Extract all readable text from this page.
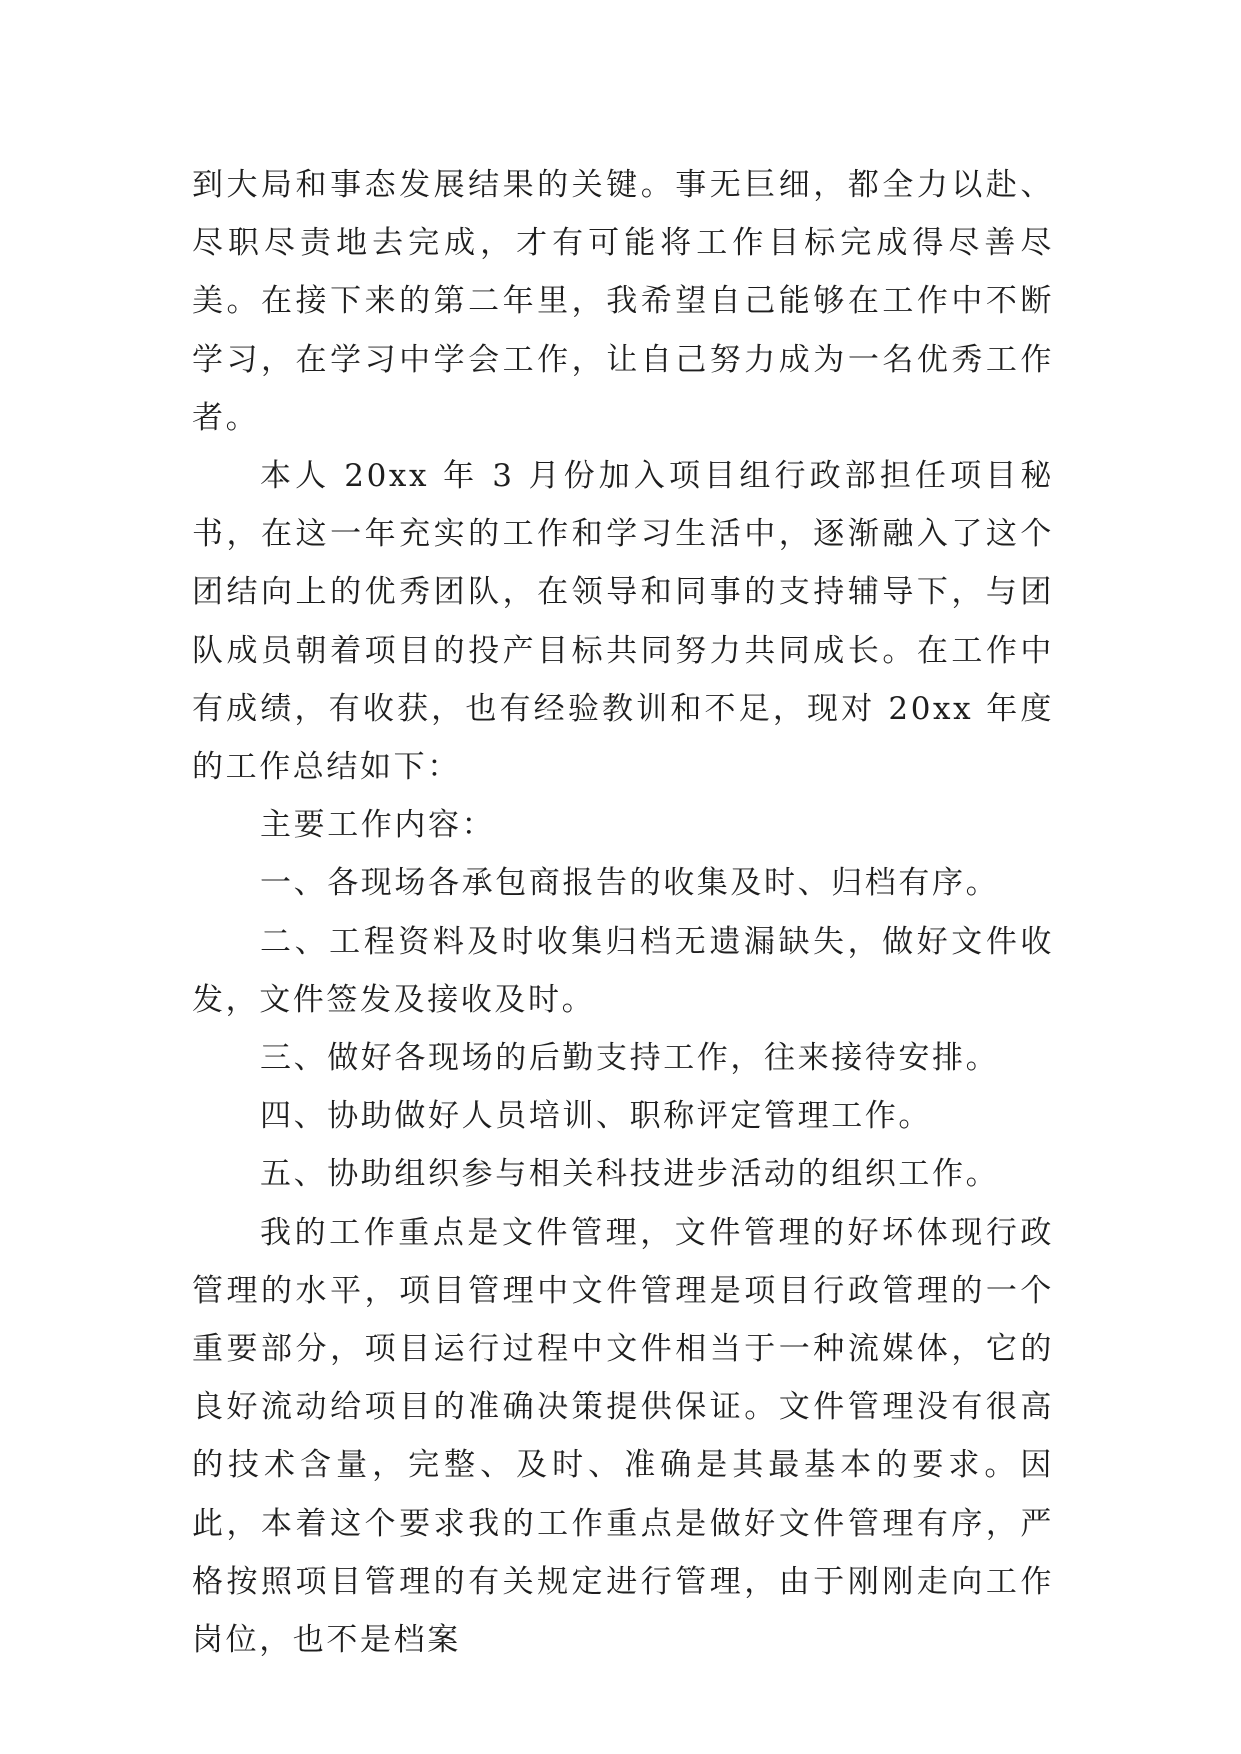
到大局和事态发展结果的关键。事无巨细，都全力以赴、尽职尽责地去完成，才有可能将工作目标完成得尽善尽美。在接下来的第二年里，我希望自己能够在工作中不断学习，在学习中学会工作，让自己努力成为一名优秀工作者。

本人 20xx 年 3 月份加入项目组行政部担任项目秘书，在这一年充实的工作和学习生活中，逐渐融入了这个团结向上的优秀团队，在领导和同事的支持辅导下，与团队成员朝着项目的投产目标共同努力共同成长。在工作中有成绩，有收获，也有经验教训和不足，现对 20xx 年度的工作总结如下：

主要工作内容：

一、各现场各承包商报告的收集及时、归档有序。

二、工程资料及时收集归档无遗漏缺失，做好文件收发，文件签发及接收及时。

三、做好各现场的后勤支持工作，往来接待安排。

四、协助做好人员培训、职称评定管理工作。

五、协助组织参与相关科技进步活动的组织工作。

我的工作重点是文件管理，文件管理的好坏体现行政管理的水平，项目管理中文件管理是项目行政管理的一个重要部分，项目运行过程中文件相当于一种流媒体，它的良好流动给项目的准确决策提供保证。文件管理没有很高的技术含量，完整、及时、准确是其最基本的要求。因此，本着这个要求我的工作重点是做好文件管理有序，严格按照项目管理的有关规定进行管理，由于刚刚走向工作岗位，也不是档案
